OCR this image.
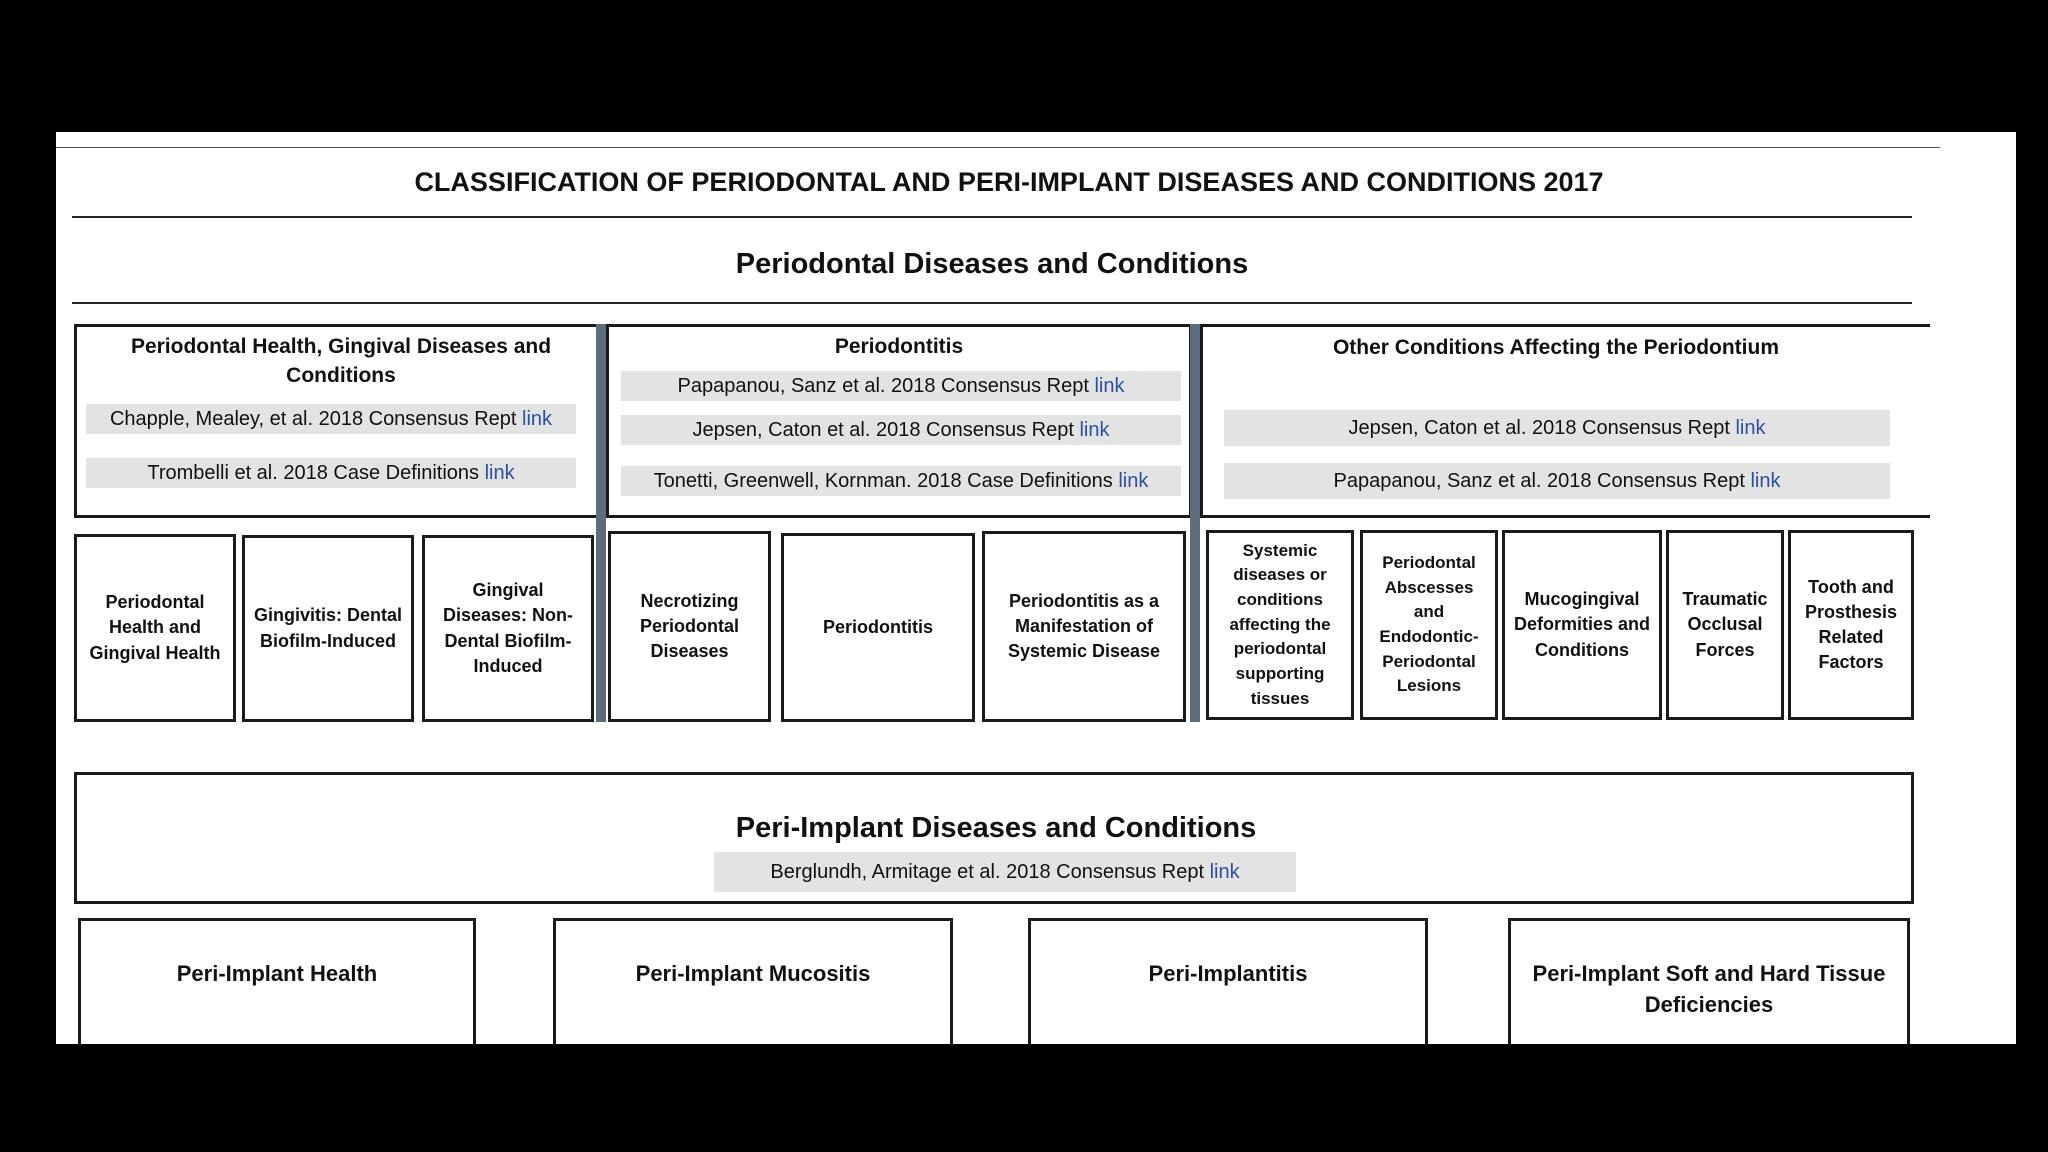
CLASSIFICATION OF PERIODONTAL AND PERI-IMPLANT DISEASES AND CONDITIONS 2017
Periodontal Diseases and Conditions
Periodontal Health, Gingival Diseases and Conditions
Chapple, Mealey, et al. 2018 Consensus Rept link
Trombelli et al. 2018 Case Definitions link
Periodontal Health and Gingival Health
Gingivitis: Dental Biofilm-Induced
Gingival Diseases: Non-Dental Biofilm-Induced
Periodontitis
Papapanou, Sanz et al. 2018 Consensus Rept link
Jepsen, Caton et al. 2018 Consensus Rept link
Tonetti, Greenwell, Kornman. 2018 Case Definitions link
Necrotizing Periodontal Diseases
Periodontitis
Periodontitis as a Manifestation of Systemic Disease
Other Conditions Affecting the Periodontium
Jepsen, Caton et al. 2018 Consensus Rept link
Papapanou, Sanz et al. 2018 Consensus Rept link
Systemic diseases or conditions affecting the periodontal supporting tissues
Periodontal Abscesses and Endodontic-Periodontal Lesions
Mucogingival Deformities and Conditions
Traumatic Occlusal Forces
Tooth and Prosthesis Related Factors
Peri-Implant Diseases and Conditions
Berglundh, Armitage et al. 2018 Consensus Rept link
Peri-Implant Health	Peri-Implant Mucositis	Peri-Implantitis	Peri-Implant Soft and Hard Tissue Deficiencies
